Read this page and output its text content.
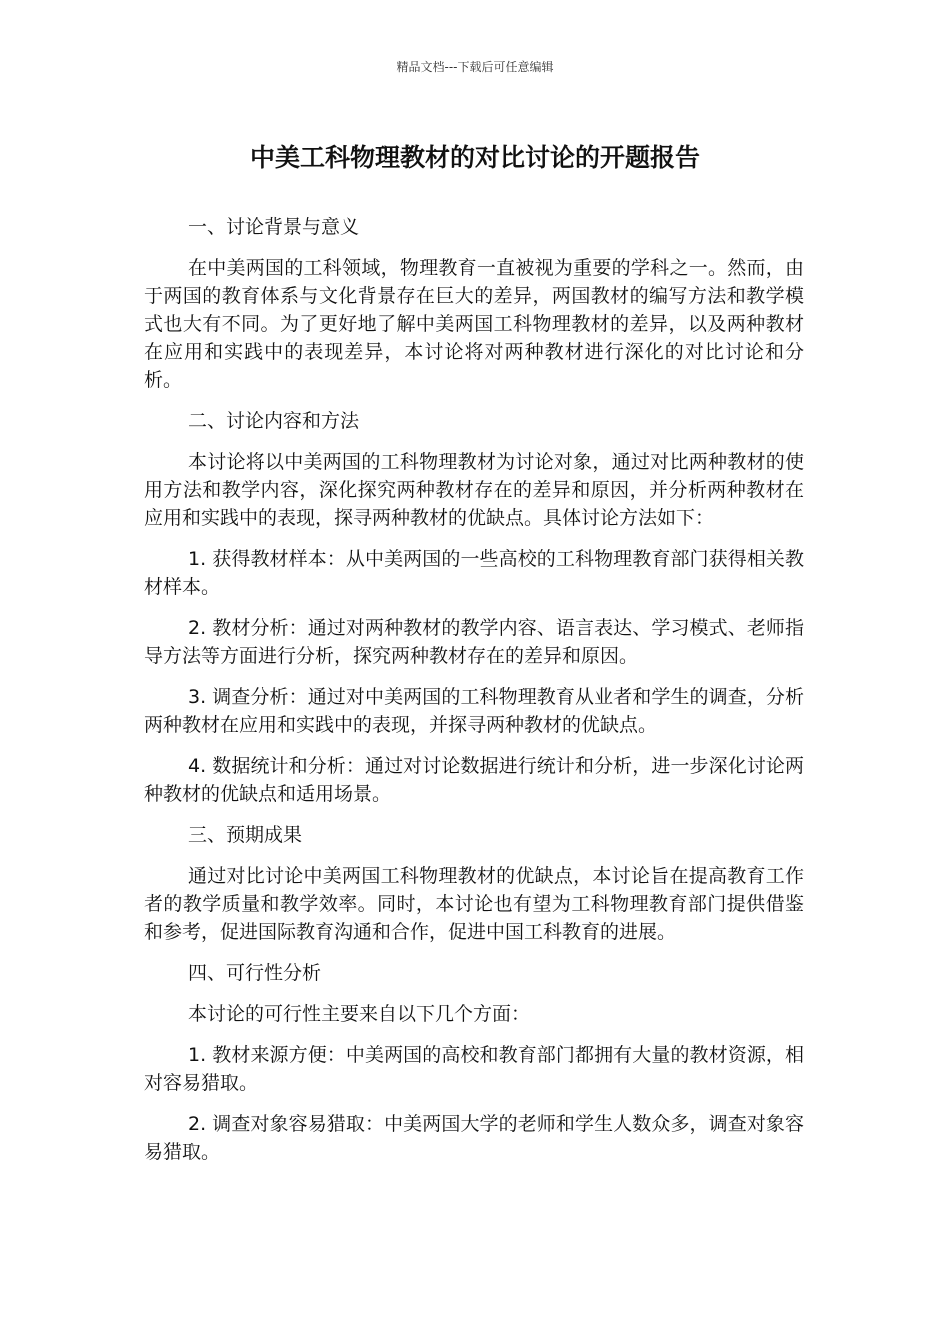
精品文档---下载后可任意编辑
中美工科物理教材的对比讨论的开题报告

一、讨论背景与意义

在中美两国的工科领域，物理教育一直被视为重要的学科之一。然而，由于两国的教育体系与文化背景存在巨大的差异，两国教材的编写方法和教学模式也大有不同。为了更好地了解中美两国工科物理教材的差异，以及两种教材在应用和实践中的表现差异，本讨论将对两种教材进行深化的对比讨论和分析。

二、讨论内容和方法

本讨论将以中美两国的工科物理教材为讨论对象，通过对比两种教材的使用方法和教学内容，深化探究两种教材存在的差异和原因，并分析两种教材在应用和实践中的表现，探寻两种教材的优缺点。具体讨论方法如下：

1. 获得教材样本：从中美两国的一些高校的工科物理教育部门获得相关教材样本。

2. 教材分析：通过对两种教材的教学内容、语言表达、学习模式、老师指导方法等方面进行分析，探究两种教材存在的差异和原因。

3. 调查分析：通过对中美两国的工科物理教育从业者和学生的调查，分析两种教材在应用和实践中的表现，并探寻两种教材的优缺点。

4. 数据统计和分析：通过对讨论数据进行统计和分析，进一步深化讨论两种教材的优缺点和适用场景。

三、预期成果

通过对比讨论中美两国工科物理教材的优缺点，本讨论旨在提高教育工作者的教学质量和教学效率。同时，本讨论也有望为工科物理教育部门提供借鉴和参考，促进国际教育沟通和合作，促进中国工科教育的进展。

四、可行性分析

本讨论的可行性主要来自以下几个方面：

1. 教材来源方便：中美两国的高校和教育部门都拥有大量的教材资源，相对容易猎取。

2. 调查对象容易猎取：中美两国大学的老师和学生人数众多，调查对象容易猎取。
